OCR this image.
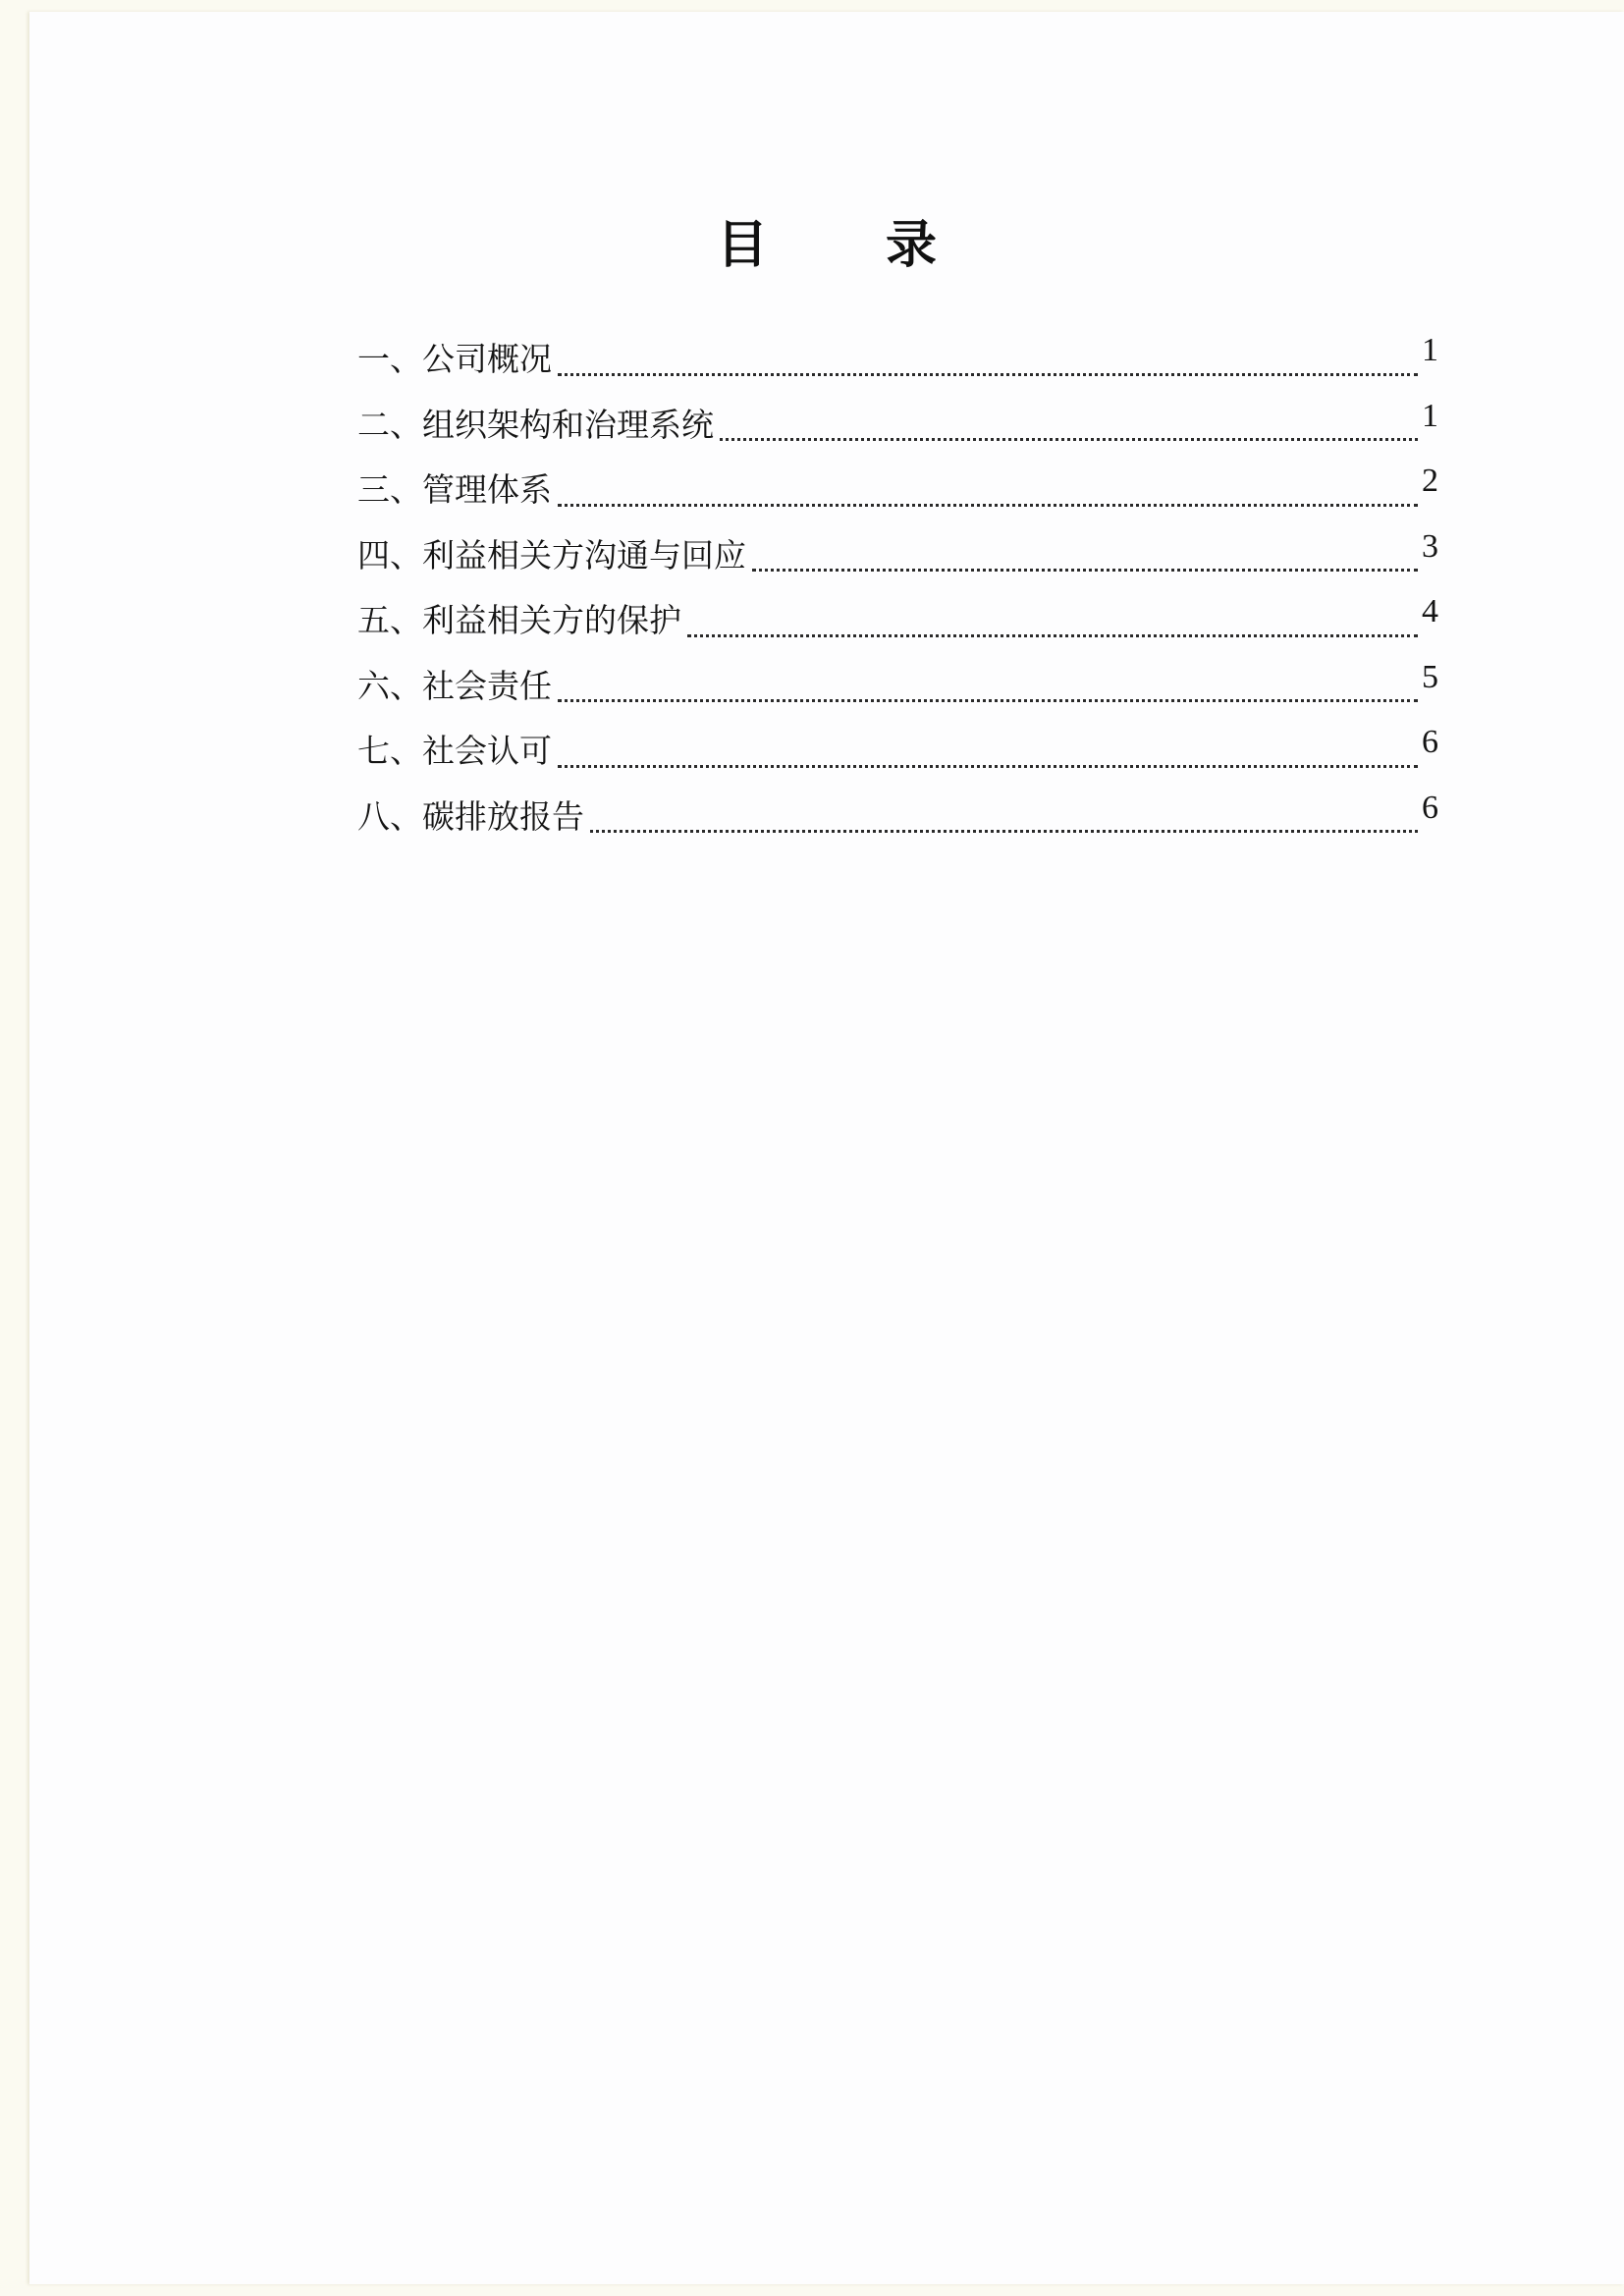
目 录
一、 公司概况	1
二、 组织架构和治理系统	1
三、 管理体系	2
四、 利益相关方沟通与回应	3
五、 利益相关方的保护	4
六、 社会责任	5
七、 社会认可	6
八、 碳排放报告	6
